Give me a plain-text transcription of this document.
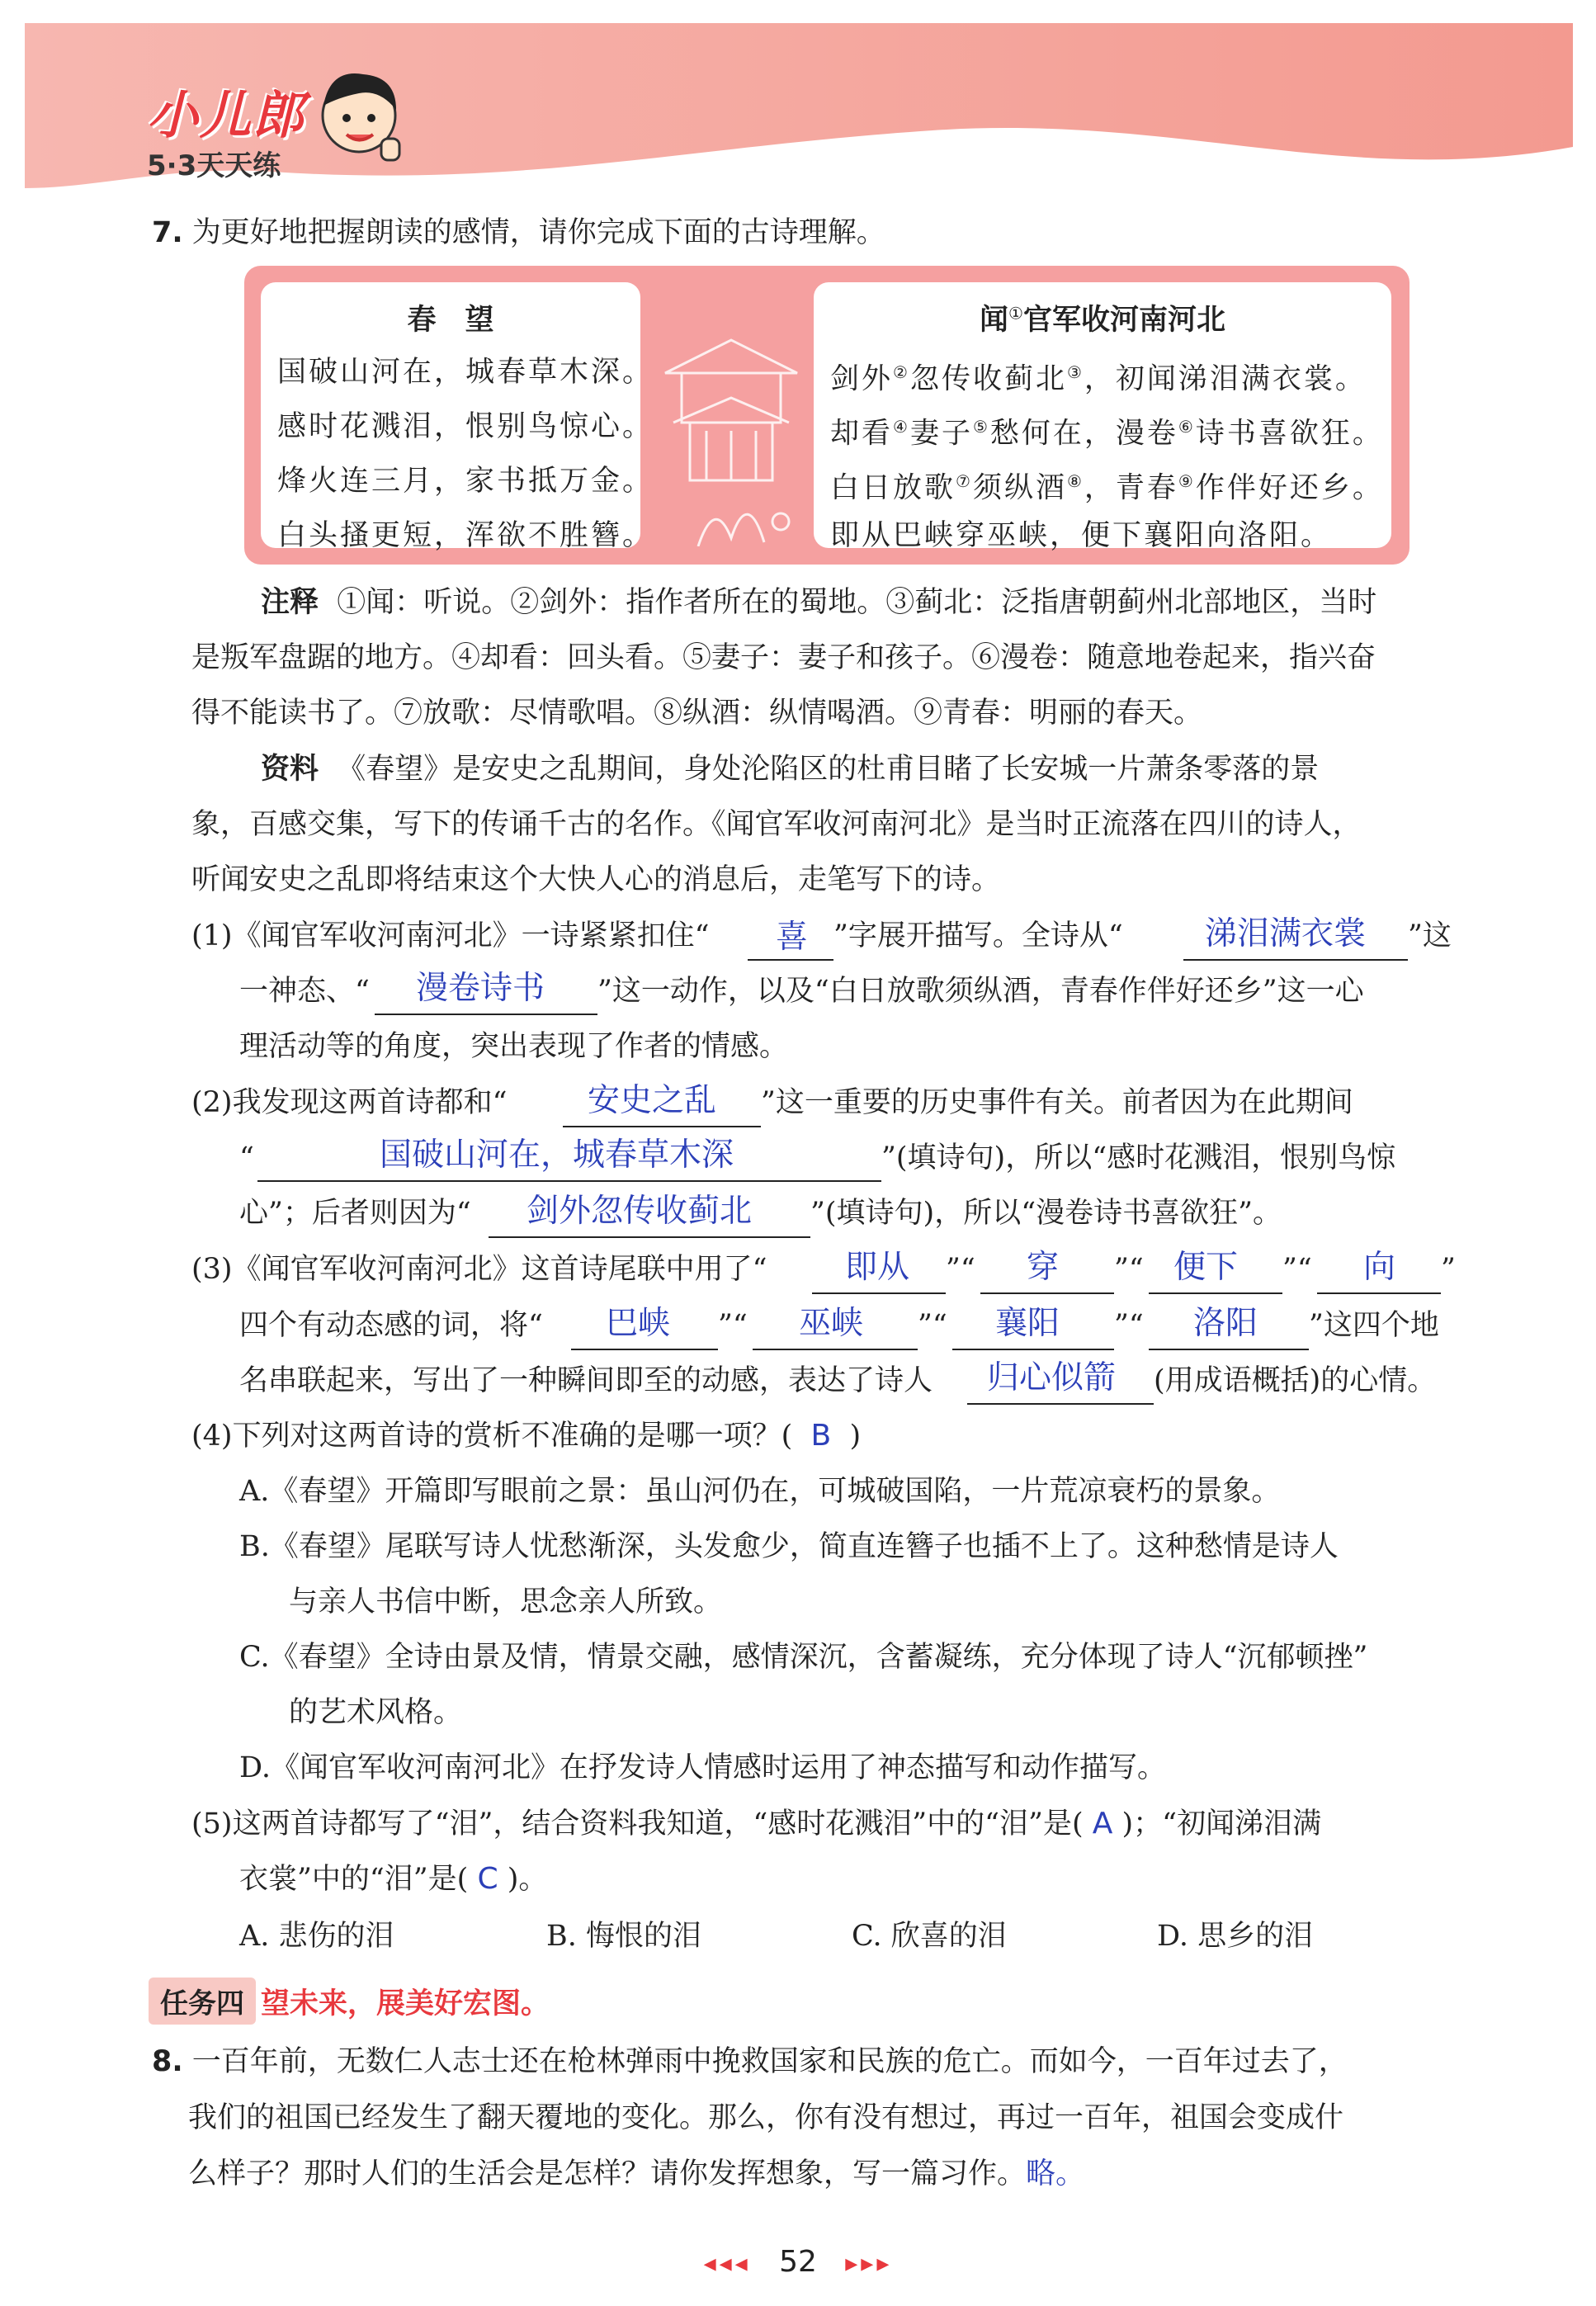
小儿郎
5·3天天练
7. 为更好地把握朗读的感情，请你完成下面的古诗理解。
春　望
国破山河在，城春草木深。
感时花溅泪，恨别鸟惊心。
烽火连三月，家书抵万金。
白头搔更短，浑欲不胜簪。
闻①官军收河南河北
剑外②忽传收蓟北③，初闻涕泪满衣裳。
却看④妻子⑤愁何在，漫卷⑥诗书喜欲狂。
白日放歌⑦须纵酒⑧，青春⑨作伴好还乡。
即从巴峡穿巫峡，便下襄阳向洛阳。
注释 ①闻：听说。②剑外：指作者所在的蜀地。③蓟北：泛指唐朝蓟州北部地区，当时
是叛军盘踞的地方。④却看：回头看。⑤妻子：妻子和孩子。⑥漫卷：随意地卷起来，指兴奋
得不能读书了。⑦放歌：尽情歌唱。⑧纵酒：纵情喝酒。⑨青春：明丽的春天。
资料 《春望》是安史之乱期间，身处沦陷区的杜甫目睹了长安城一片萧条零落的景
象，百感交集，写下的传诵千古的名作。《闻官军收河南河北》是当时正流落在四川的诗人，
听闻安史之乱即将结束这个大快人心的消息后，走笔写下的诗。
(1)《闻官军收河南河北》一诗紧紧扣住“ 喜 ”字展开描写。全诗从“	涕泪满衣裳 ”这
一神态、“ 漫卷诗书 ”这一动作，以及“白日放歌须纵酒，青春作伴好还乡”这一心
理活动等的角度，突出表现了作者的情感。
(2)我发现这两首诗都和“	安史之乱 ”这一重要的历史事件有关。前者因为在此期间
“	国破山河在，城春草木深	”(填诗句)，所以“感时花溅泪，恨别鸟惊
心”；后者则因为“ 剑外忽传收蓟北 ”(填诗句)，所以“漫卷诗书喜欲狂”。
(3)《闻官军收河南河北》这首诗尾联中用了“ 即从 ”“ 穿 ”“ 便下 ”“ 向 ”
四个有动态感的词，将“ 巴峡 ”“ 巫峡 ”“ 襄阳 ”“ 洛阳 ”这四个地
名串联起来，写出了一种瞬间即至的动感，表达了诗人 归心似箭 (用成语概括)的心情。
(4)下列对这两首诗的赏析不准确的是哪一项？( B )
A.《春望》开篇即写眼前之景：虽山河仍在，可城破国陷，一片荒凉衰朽的景象。
B.《春望》尾联写诗人忧愁渐深，头发愈少，简直连簪子也插不上了。这种愁情是诗人
与亲人书信中断，思念亲人所致。
C.《春望》全诗由景及情，情景交融，感情深沉，含蓄凝练，充分体现了诗人“沉郁顿挫”
的艺术风格。
D.《闻官军收河南河北》在抒发诗人情感时运用了神态描写和动作描写。
(5)这两首诗都写了“泪”，结合资料我知道，“感时花溅泪”中的“泪”是( A )；“初闻涕泪满
衣裳”中的“泪”是( C )。
A. 悲伤的泪	B. 悔恨的泪	C. 欣喜的泪	D. 思乡的泪
任务四 望未来，展美好宏图。
8. 一百年前，无数仁人志士还在枪林弹雨中挽救国家和民族的危亡。而如今，一百年过去了，
我们的祖国已经发生了翻天覆地的变化。那么，你有没有想过，再过一百年，祖国会变成什
么样子？那时人们的生活会是怎样？请你发挥想象，写一篇习作。略。
◂◂◂ 52 ▸▸▸
